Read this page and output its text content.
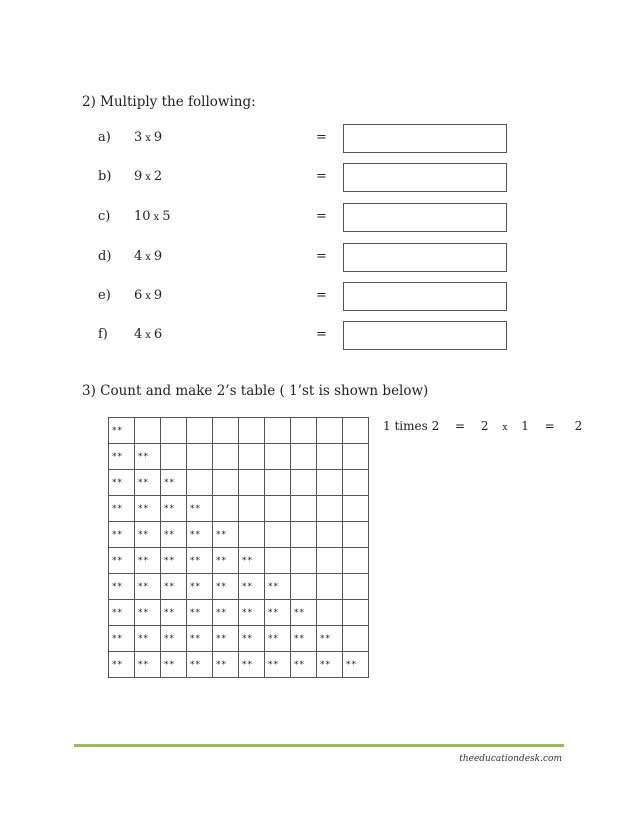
2) Multiply the following:
a) 3 x 9	=
b) 9 x 2	=
c) 10 x 5	=
d) 4 x 9	=
e) 6 x 9	=
f) 4 x 6	=
3) Count and make 2’s table ( 1’st is shown below)
**									
**	**								
**	**	**							
**	**	**	**						
**	**	**	**	**					
**	**	**	**	**	**				
**	**	**	**	**	**	**			
**	**	**	**	**	**	**	**		
**	**	**	**	**	**	**	**	**	
**	**	**	**	**	**	**	**	**	**
1 times 2 = 2 x 1 = 2
theeducationdesk.com
